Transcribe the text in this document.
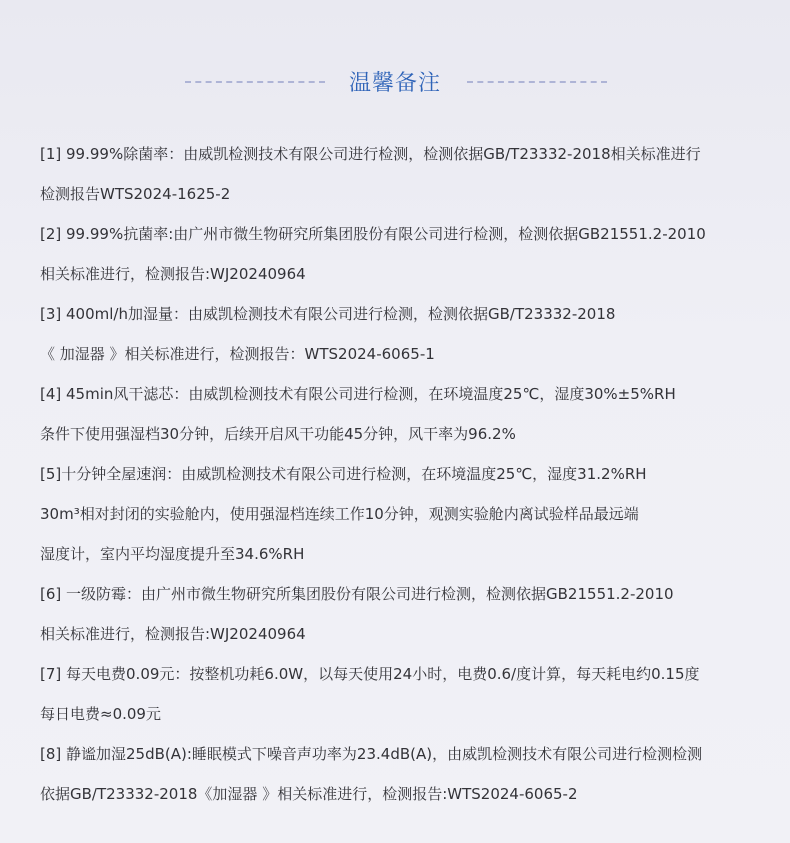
温馨备注
[1] 99.99%除菌率：由威凯检测技术有限公司进行检测，检测依据GB/T23332-2018相关标准进行
检测报告WTS2024-1625-2
[2] 99.99%抗菌率:由广州市微生物研究所集团股份有限公司进行检测，检测依据GB21551.2-2010
相关标准进行，检测报告:WJ20240964
[3] 400ml/h加湿量：由威凯检测技术有限公司进行检测，检测依据GB/T23332-2018
《 加湿器 》相关标准进行，检测报告：WTS2024-6065-1
[4] 45min风干滤芯：由威凯检测技术有限公司进行检测，在环境温度25℃，湿度30%±5%RH
条件下使用强湿档30分钟，后续开启风干功能45分钟，风干率为96.2%
[5]十分钟全屋速润：由威凯检测技术有限公司进行检测，在环境温度25℃，湿度31.2%RH
30m³相对封闭的实验舱内，使用强湿档连续工作10分钟，观测实验舱内离试验样品最远端
湿度计，室内平均湿度提升至34.6%RH
[6] 一级防霉：由广州市微生物研究所集团股份有限公司进行检测，检测依据GB21551.2-2010
相关标准进行，检测报告:WJ20240964
[7] 每天电费0.09元：按整机功耗6.0W，以每天使用24小时，电费0.6/度计算，每天耗电约0.15度
每日电费≈0.09元
[8] 静谧加湿25dB(A):睡眠模式下噪音声功率为23.4dB(A)，由威凯检测技术有限公司进行检测检测
依据GB/T23332-2018《加湿器 》相关标准进行，检测报告:WTS2024-6065-2
